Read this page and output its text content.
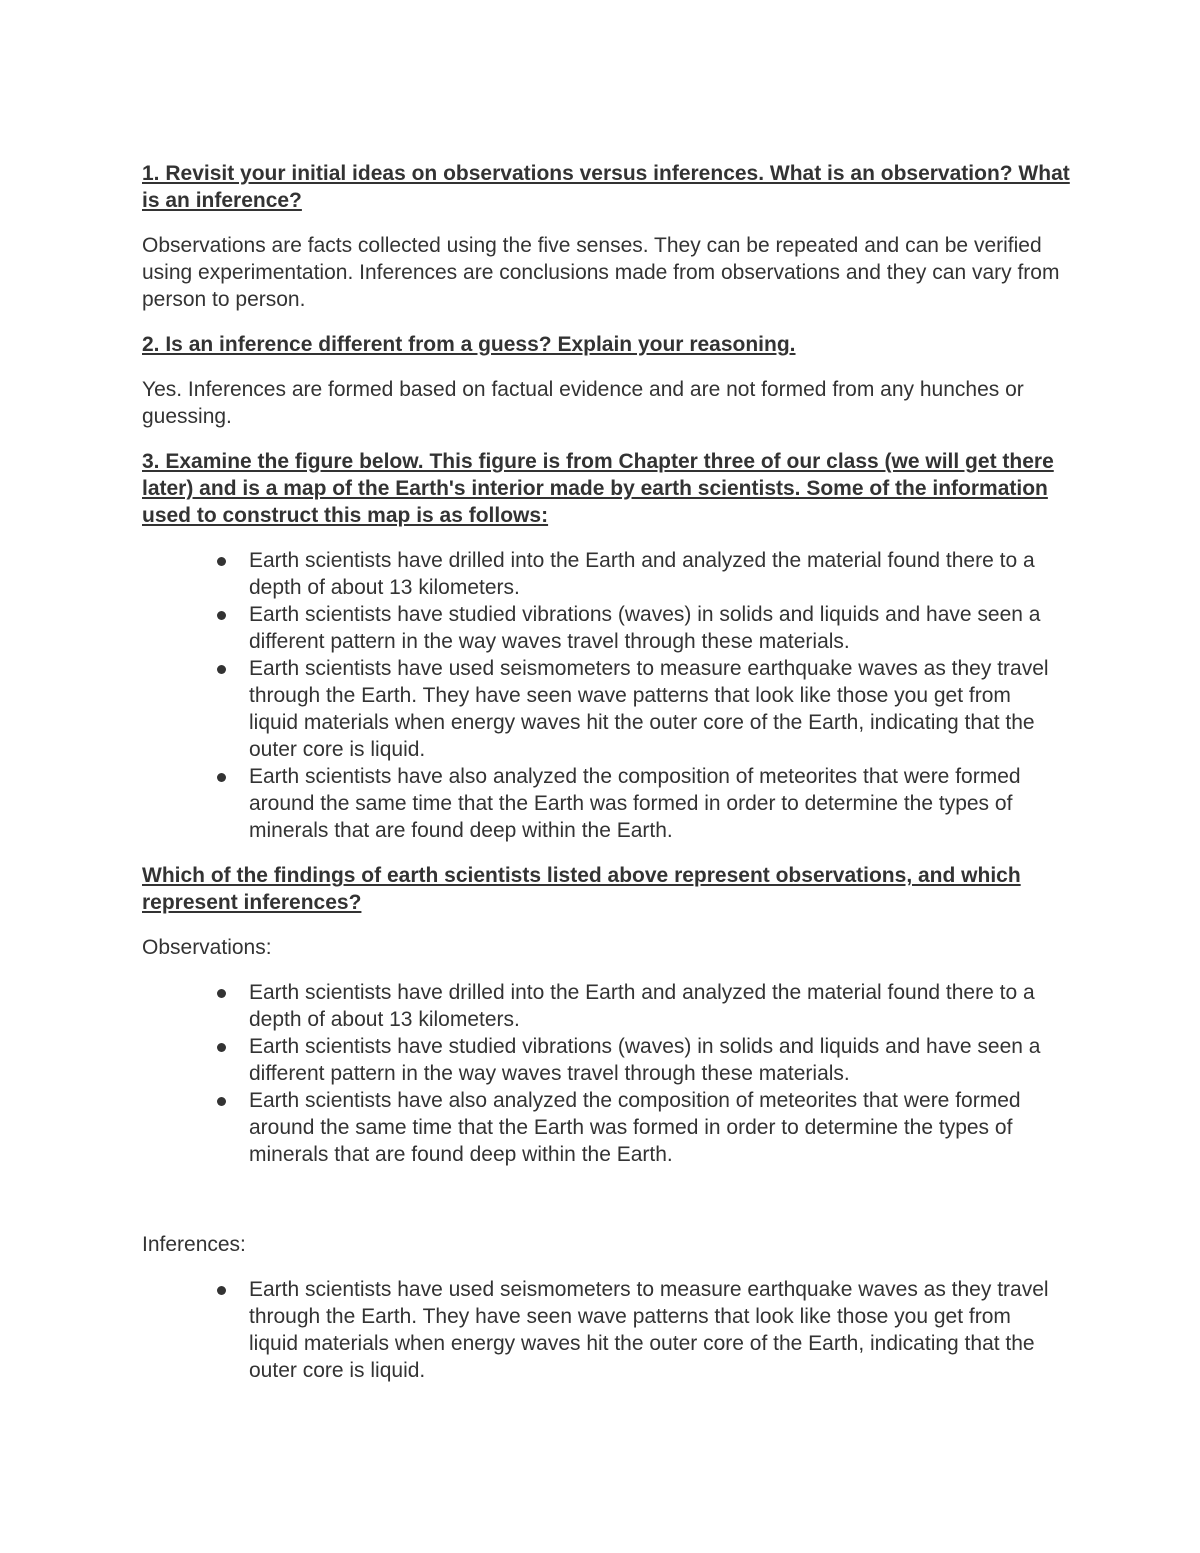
1. Revisit your initial ideas on observations versus inferences. What is an observation? What is an inference?

Observations are facts collected using the five senses. They can be repeated and can be verified using experimentation. Inferences are conclusions made from observations and they can vary from person to person.

2. Is an inference different from a guess? Explain your reasoning.

Yes. Inferences are formed based on factual evidence and are not formed from any hunches or guessing.

3. Examine the figure below. This figure is from Chapter three of our class (we will get there later) and is a map of the Earth's interior made by earth scientists. Some of the information used to construct this map is as follows:

Earth scientists have drilled into the Earth and analyzed the material found there to a depth of about 13 kilometers.
Earth scientists have studied vibrations (waves) in solids and liquids and have seen a different pattern in the way waves travel through these materials.
Earth scientists have used seismometers to measure earthquake waves as they travel through the Earth. They have seen wave patterns that look like those you get from liquid materials when energy waves hit the outer core of the Earth, indicating that the outer core is liquid.
Earth scientists have also analyzed the composition of meteorites that were formed around the same time that the Earth was formed in order to determine the types of minerals that are found deep within the Earth.

Which of the findings of earth scientists listed above represent observations, and which represent inferences?

Observations:

Earth scientists have drilled into the Earth and analyzed the material found there to a depth of about 13 kilometers.
Earth scientists have studied vibrations (waves) in solids and liquids and have seen a different pattern in the way waves travel through these materials.
Earth scientists have also analyzed the composition of meteorites that were formed around the same time that the Earth was formed in order to determine the types of minerals that are found deep within the Earth.

Inferences:

Earth scientists have used seismometers to measure earthquake waves as they travel through the Earth. They have seen wave patterns that look like those you get from liquid materials when energy waves hit the outer core of the Earth, indicating that the outer core is liquid.
